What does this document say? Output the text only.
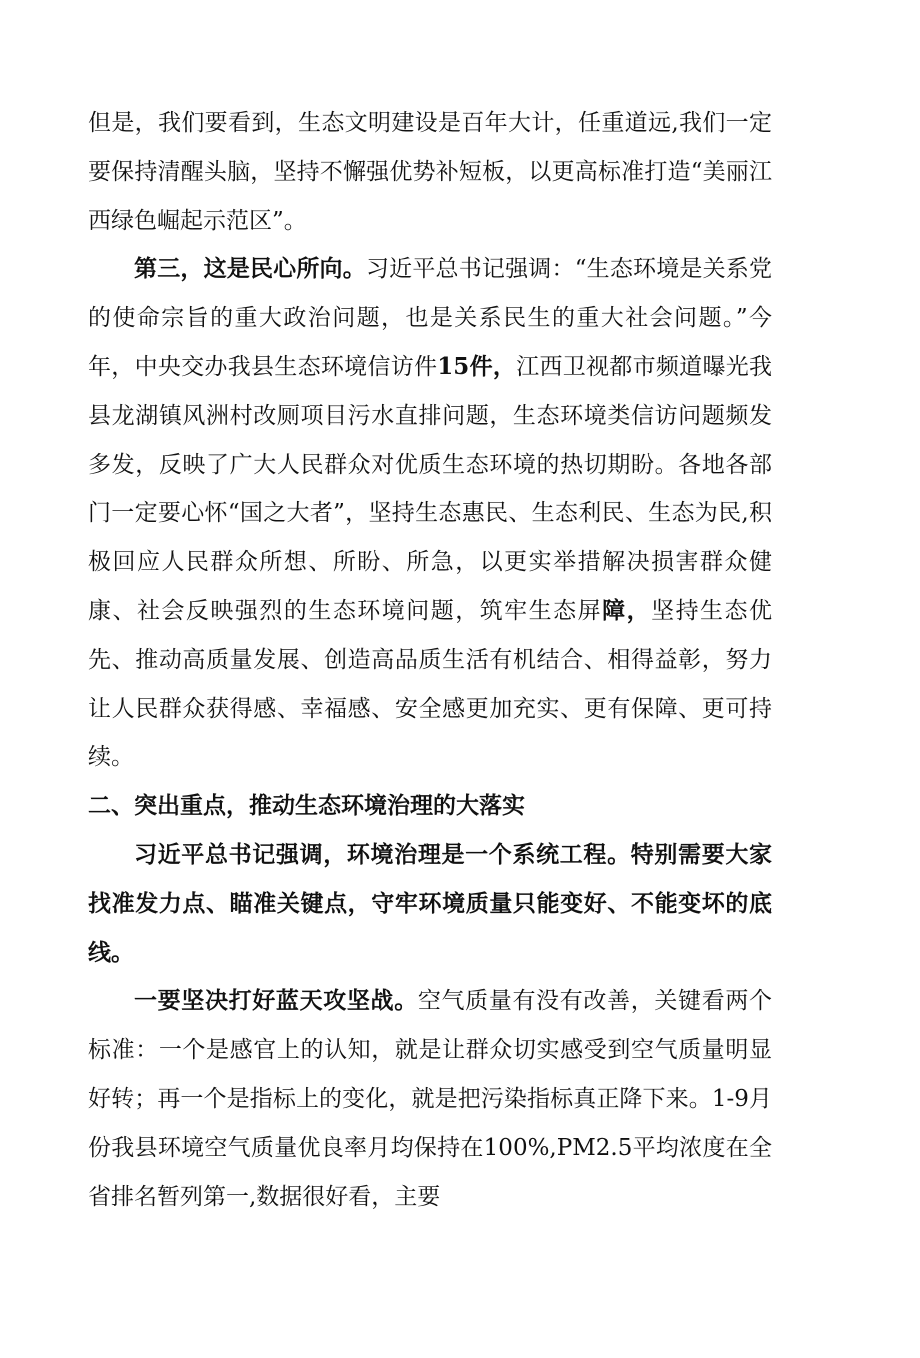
但是，我们要看到，生态文明建设是百年大计，任重道远,我们一定要保持清醒头脑，坚持不懈强优势补短板，以更高标准打造“美丽江西绿色崛起示范区”。

第三，这是民心所向。习近平总书记强调：“生态环境是关系党的使命宗旨的重大政治问题，也是关系民生的重大社会问题。”今年，中央交办我县生态环境信访件15件，江西卫视都市频道曝光我县龙湖镇风洲村改厕项目污水直排问题，生态环境类信访问题频发多发，反映了广大人民群众对优质生态环境的热切期盼。各地各部门一定要心怀“国之大者”，坚持生态惠民、生态利民、生态为民,积极回应人民群众所想、所盼、所急，以更实举措解决损害群众健康、社会反映强烈的生态环境问题，筑牢生态屏障，坚持生态优先、推动高质量发展、创造高品质生活有机结合、相得益彰，努力让人民群众获得感、幸福感、安全感更加充实、更有保障、更可持续。

二、突出重点，推动生态环境治理的大落实

习近平总书记强调，环境治理是一个系统工程。特别需要大家找准发力点、瞄准关键点，守牢环境质量只能变好、不能变坏的底线。

一要坚决打好蓝天攻坚战。空气质量有没有改善，关键看两个标准：一个是感官上的认知，就是让群众切实感受到空气质量明显好转；再一个是指标上的变化，就是把污染指标真正降下来。1-9月份我县环境空气质量优良率月均保持在100%,PM2.5平均浓度在全省排名暂列第一,数据很好看，主要
